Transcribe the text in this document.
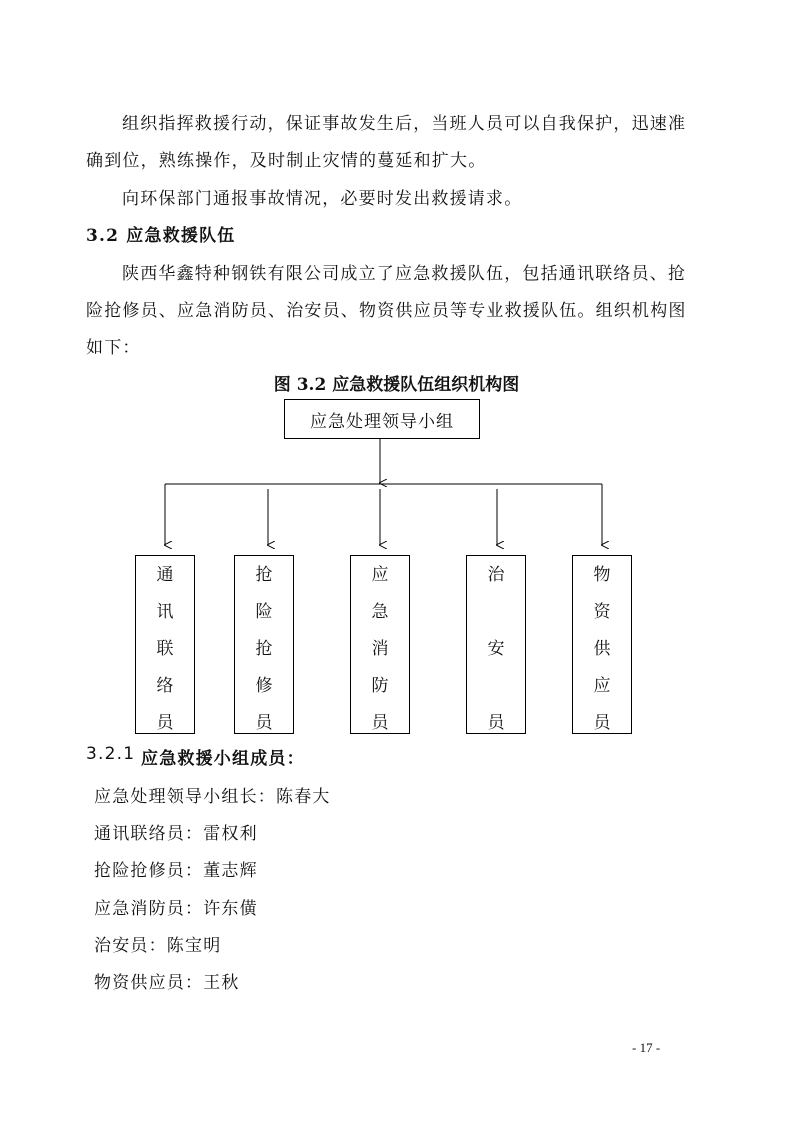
组织指挥救援行动，保证事故发生后，当班人员可以自我保护，迅速准
确到位，熟练操作，及时制止灾情的蔓延和扩大。
向环保部门通报事故情况，必要时发出救援请求。
3.2 应急救援队伍
陕西华鑫特种钢铁有限公司成立了应急救援队伍，包括通讯联络员、抢
险抢修员、应急消防员、治安员、物资供应员等专业救援队伍。组织机构图
如下：
图 3.2 应急救援队伍组织机构图
应急处理领导小组
通
讯
联
络
员
抢
险
抢
修
员
应
急
消
防
员
治
安
员
物
资
供
应
员
3.2.1 应急救援小组成员：
应急处理领导小组长：陈春大
通讯联络员：雷权利
抢险抢修员：董志辉
应急消防员：许东僙
治安员：陈宝明
物资供应员：王秋
- 17 -
